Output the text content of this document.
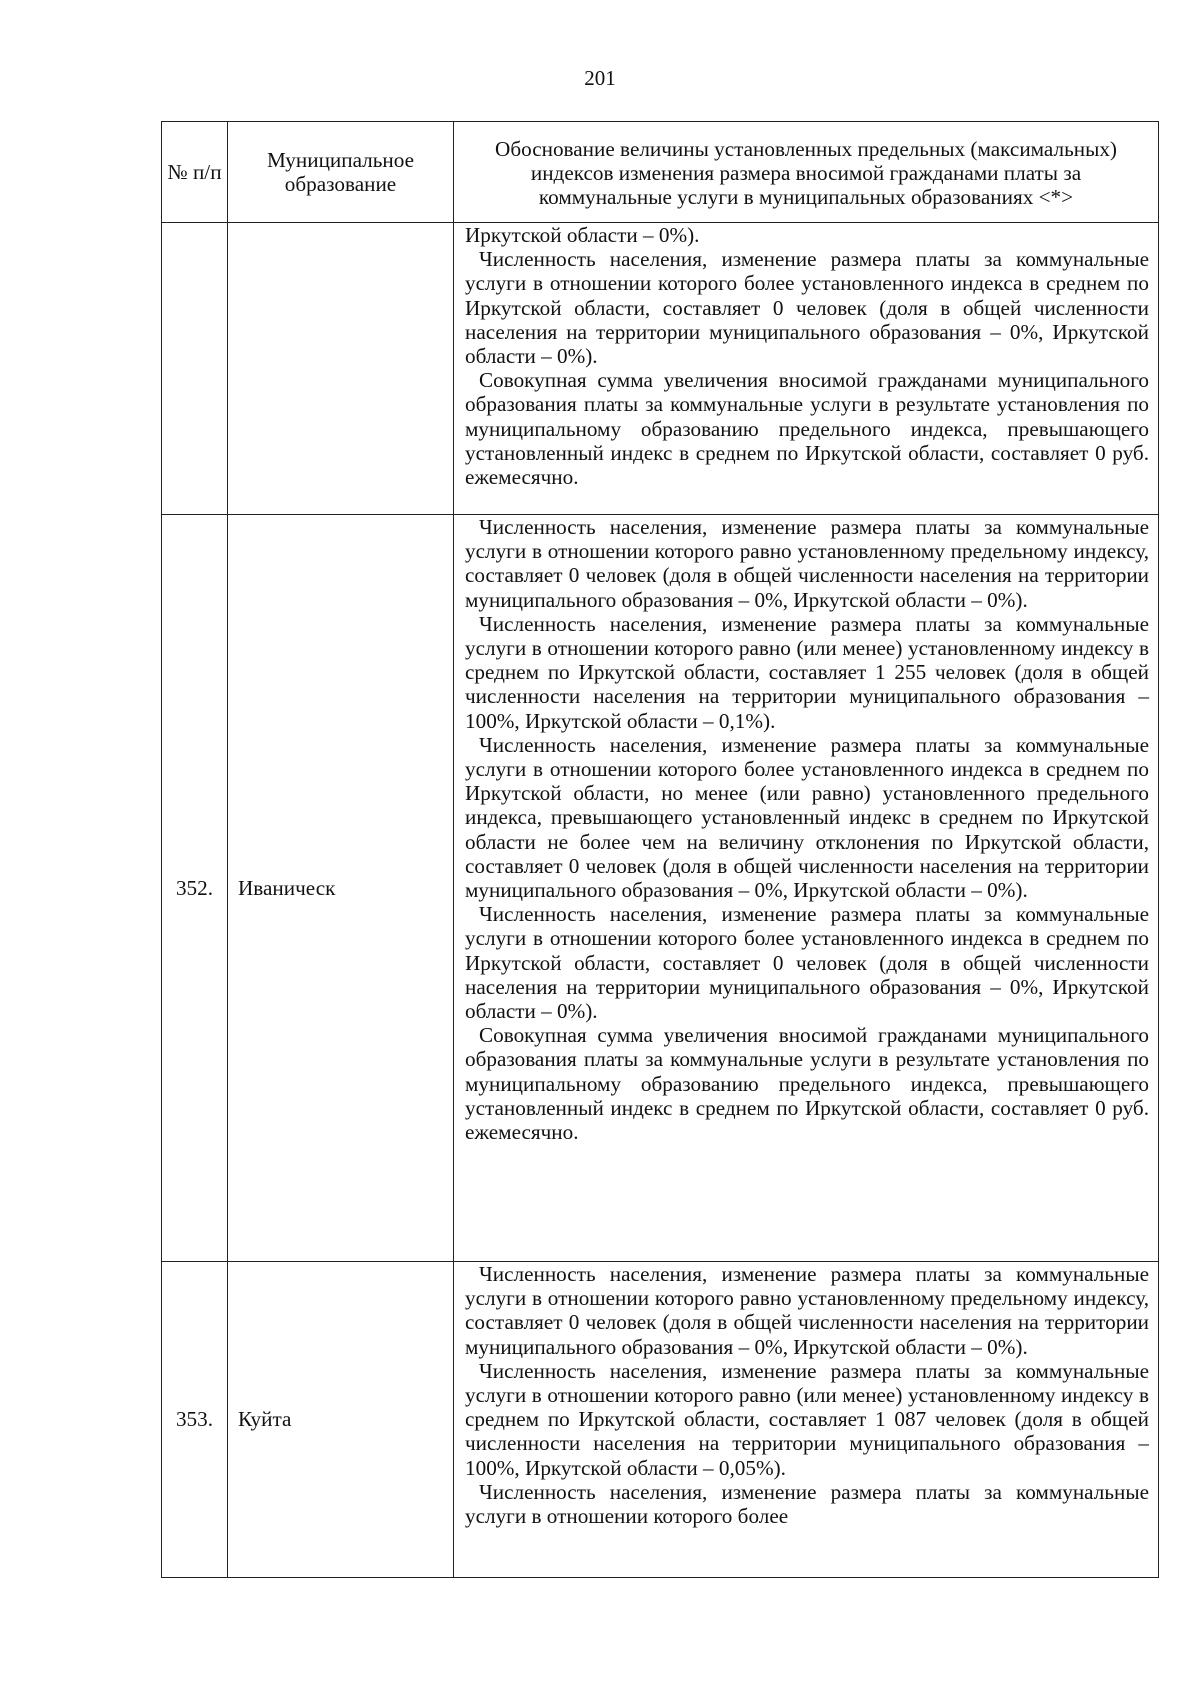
201
№ п/п	Муниципальное образование	Обоснование величины установленных предельных (максимальных) индексов изменения размера вносимой гражданами платы за коммунальные услуги в муниципальных образованиях <*>

		Иркутской области – 0%).

Численность населения, изменение размера платы за коммунальные услуги в отношении которого более установленного индекса в среднем по Иркутской области, составляет 0 человек (доля в общей численности населения на территории муниципального образования – 0%, Иркутской области – 0%).

Совокупная сумма увеличения вносимой гражданами муниципального образования платы за коммунальные услуги в результате установления по муниципальному образованию предельного индекса, превышающего установленный индекс в среднем по Иркутской области, составляет 0 руб. ежемесячно.

352.	Иваническ	Численность населения, изменение размера платы за коммунальные услуги в отношении которого равно установленному предельному индексу, составляет 0 человек (доля в общей численности населения на территории муниципального образования – 0%, Иркутской области – 0%).

Численность населения, изменение размера платы за коммунальные услуги в отношении которого равно (или менее) установленному индексу в среднем по Иркутской области, составляет 1 255 человек (доля в общей численности населения на территории муниципального образования – 100%, Иркутской области – 0,1%).

Численность населения, изменение размера платы за коммунальные услуги в отношении которого более установленного индекса в среднем по Иркутской области, но менее (или равно) установленного предельного индекса, превышающего установленный индекс в среднем по Иркутской области не более чем на величину отклонения по Иркутской области, составляет 0 человек (доля в общей численности населения на территории муниципального образования – 0%, Иркутской области – 0%).

Численность населения, изменение размера платы за коммунальные услуги в отношении которого более установленного индекса в среднем по Иркутской области, составляет 0 человек (доля в общей численности населения на территории муниципального образования – 0%, Иркутской области – 0%).

Совокупная сумма увеличения вносимой гражданами муниципального образования платы за коммунальные услуги в результате установления по муниципальному образованию предельного индекса, превышающего установленный индекс в среднем по Иркутской области, составляет 0 руб. ежемесячно.

353.	Куйта	Численность населения, изменение размера платы за коммунальные услуги в отношении которого равно установленному предельному индексу, составляет 0 человек (доля в общей численности населения на территории муниципального образования – 0%, Иркутской области – 0%).

Численность населения, изменение размера платы за коммунальные услуги в отношении которого равно (или менее) установленному индексу в среднем по Иркутской области, составляет 1 087 человек (доля в общей численности населения на территории муниципального образования – 100%, Иркутской области – 0,05%).

Численность населения, изменение размера платы за коммунальные услуги в отношении которого более
